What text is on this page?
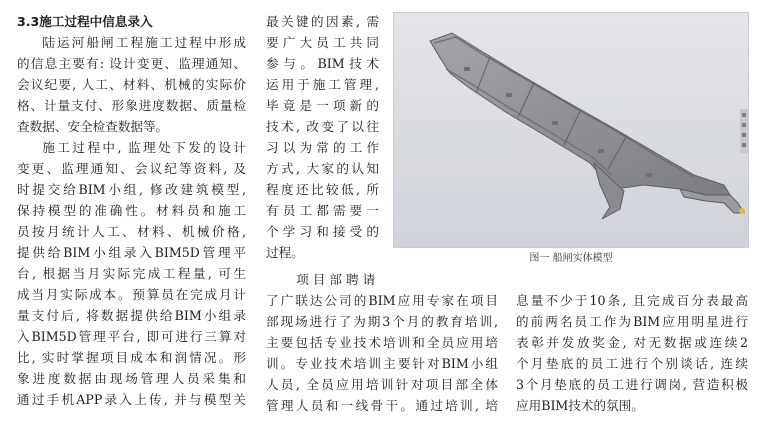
3.3施工过程中信息录入
陆运河船闸工程施工过程中形成
的信息主要有: 设计变更、监理通知、
会议纪要, 人工、材料、机械的实际价
格、计量支付、形象进度数据、质量检
查数据、安全检查数据等。
施工过程中, 监理处下发的设计
变更、监理通知、会议纪等资料, 及
时提交给BIM小组, 修改建筑模型,
保持模型的准确性。材料员和施工
员按月统计人工、材料、机械价格,
提供给BIM小组录入BIM5D管理平
台, 根据当月实际完成工程量, 可生
成当月实际成本。预算员在完成月计
量支付后, 将数据提供给BIM小组录
入BIM5D管理平台, 即可进行三算对
比, 实时掌握项目成本和润情况。形
象进度数据由现场管理人员采集和
通过手机APP录入上传, 并与模型关
最关键的因素, 需
要广大员工共同
参与。BIM技术
运用于施工管理,
毕竟是一项新的
技术, 改变了以往
习以为常的工作
方式, 大家的认知
程度还比较低, 所
有员工都需要一
个学习和接受的
过程。
项目部聘请
了广联达公司的BIM应用专家在项目
部现场进行了为期3个月的教育培训,
主要包括专业技术培训和全员应用培
训。专业技术培训主要针对BIM小组
人员, 全员应用培训针对项目部全体
管理人员和一线骨干。通过培训, 培
息量不少于10条, 且完成百分表最高
的前两名员工作为BIM应用明星进行
表彰并发放奖金, 对无数据或连续2
个月垫底的员工进行个别谈话, 连续
3个月垫底的员工进行调岗, 营造积极
应用BIM技术的氛围。
图一 船闸实体模型
